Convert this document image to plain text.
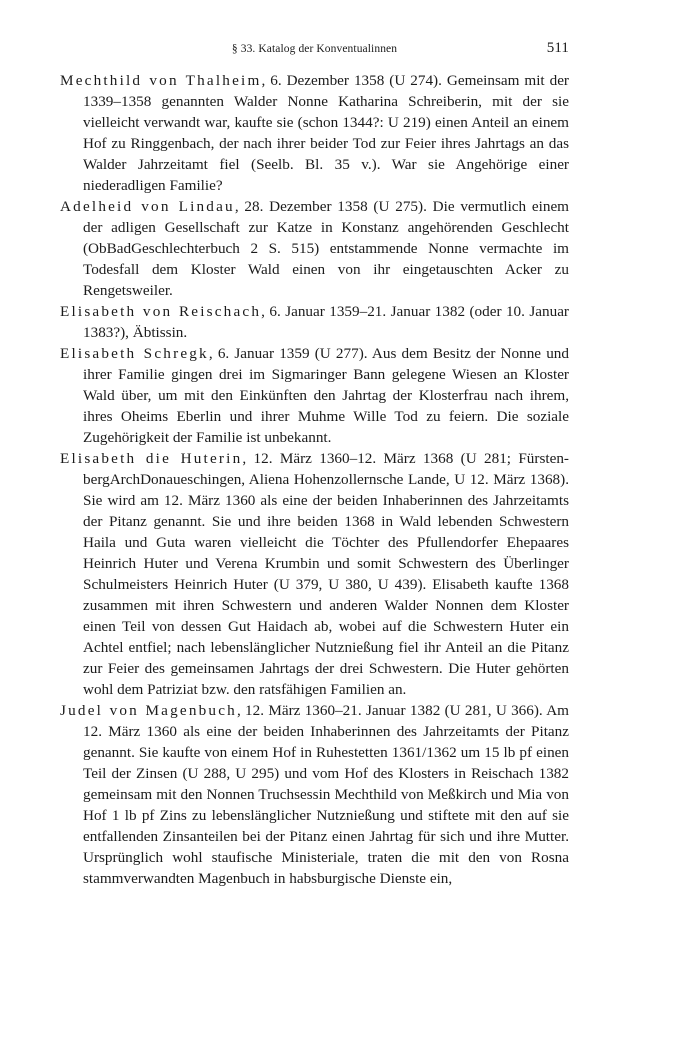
§ 33. Katalog der Konventualinnen	511

Mechthild von Thalheim, 6. Dezember 1358 (U 274). Gemeinsam mit der 1339–1358 genannten Walder Nonne Katharina Schreiberin, mit der sie vielleicht verwandt war, kaufte sie (schon 1344?: U 219) einen Anteil an einem Hof zu Ringgenbach, der nach ihrer beider Tod zur Feier ihres Jahrtags an das Walder Jahrzeitamt fiel (Seelb. Bl. 35 v.). War sie Angehörige einer niederadligen Familie?

Adelheid von Lindau, 28. Dezember 1358 (U 275). Die vermutlich einem der adligen Gesellschaft zur Katze in Konstanz angehörenden Geschlecht (ObBadGeschlechterbuch 2 S. 515) entstammende Nonne vermachte im Todesfall dem Kloster Wald einen von ihr eingetauschten Acker zu Rengetsweiler.

Elisabeth von Reischach, 6. Januar 1359–21. Januar 1382 (oder 10. Januar 1383?), Äbtissin.

Elisabeth Schregk, 6. Januar 1359 (U 277). Aus dem Besitz der Nonne und ihrer Familie gingen drei im Sigmaringer Bann gelegene Wiesen an Kloster Wald über, um mit den Einkünften den Jahrtag der Klosterfrau nach ihrem, ihres Oheims Eberlin und ihrer Muhme Wille Tod zu feiern. Die soziale Zugehörigkeit der Familie ist unbekannt.

Elisabeth die Huterin, 12. März 1360–12. März 1368 (U 281; FürstenbergArchDonaueschingen, Aliena Hohenzollernsche Lande, U 12. März 1368). Sie wird am 12. März 1360 als eine der beiden Inhaberinnen des Jahrzeitamts der Pitanz genannt. Sie und ihre beiden 1368 in Wald lebenden Schwestern Haila und Guta waren vielleicht die Töchter des Pfullendorfer Ehepaares Heinrich Huter und Verena Krumbin und somit Schwestern des Überlinger Schulmeisters Heinrich Huter (U 379, U 380, U 439). Elisabeth kaufte 1368 zusammen mit ihren Schwestern und anderen Walder Nonnen dem Kloster einen Teil von dessen Gut Haidach ab, wobei auf die Schwestern Huter ein Achtel entfiel; nach lebenslänglicher Nutznießung fiel ihr Anteil an die Pitanz zur Feier des gemeinsamen Jahrtags der drei Schwestern. Die Huter gehörten wohl dem Patriziat bzw. den ratsfähigen Familien an.

Judel von Magenbuch, 12. März 1360–21. Januar 1382 (U 281, U 366). Am 12. März 1360 als eine der beiden Inhaberinnen des Jahrzeitamts der Pitanz genannt. Sie kaufte von einem Hof in Ruhestetten 1361/1362 um 15 lb pf einen Teil der Zinsen (U 288, U 295) und vom Hof des Klosters in Reischach 1382 gemeinsam mit den Nonnen Truchsessin Mechthild von Meßkirch und Mia von Hof 1 lb pf Zins zu lebenslänglicher Nutznießung und stiftete mit den auf sie entfallenden Zinsanteilen bei der Pitanz einen Jahrtag für sich und ihre Mutter. Ursprünglich wohl staufische Ministeriale, traten die mit den von Rosna stammverwandten Magenbuch in habsburgische Dienste ein,
